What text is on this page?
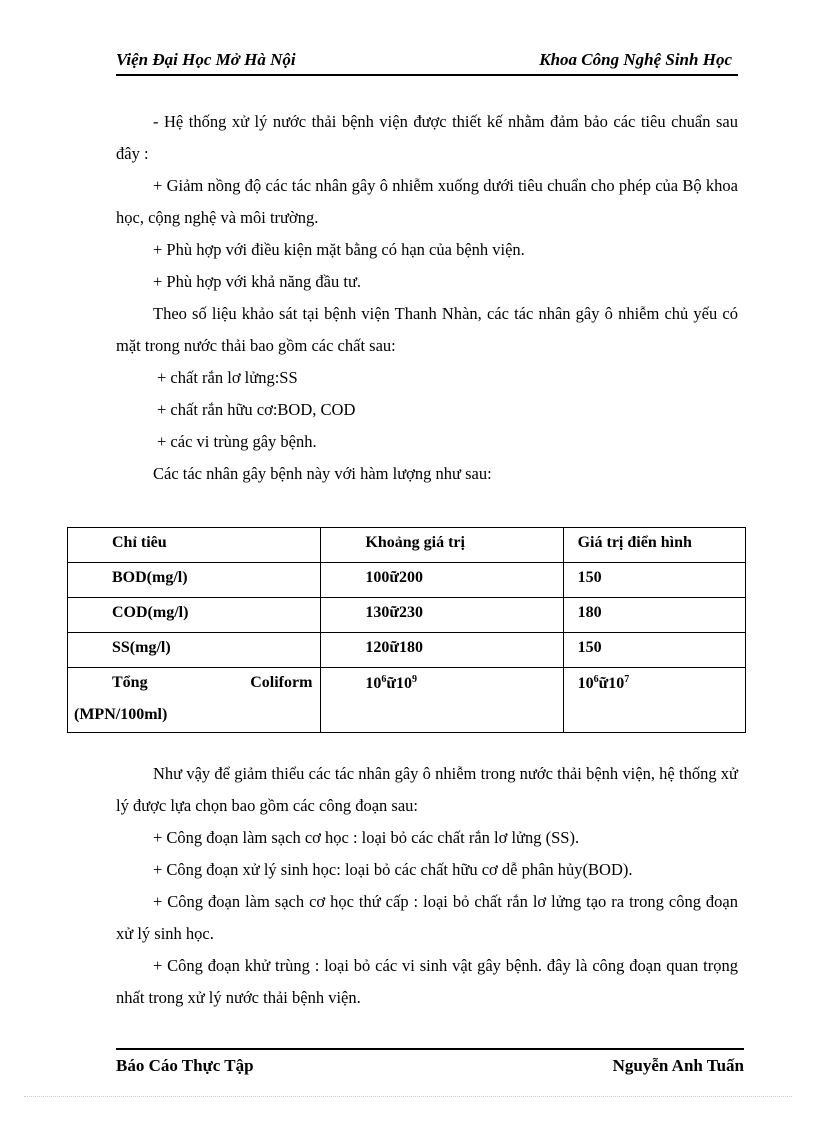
Viện Đại Học Mở Hà Nội	Khoa Công Nghệ Sinh Học

- Hệ thống xử lý nước thải bệnh viện được thiết kế nhằm đảm bảo các tiêu chuẩn sau đây :

+ Giảm nồng độ các tác nhân gây ô nhiễm xuống dưới tiêu chuẩn cho phép của Bộ khoa học, cộng nghệ và môi trường.

+ Phù hợp với điều kiện mặt bằng có hạn của bệnh viện.

+ Phù hợp với khả năng đầu tư.

Theo số liệu khảo sát tại bệnh viện Thanh Nhàn, các tác nhân gây ô nhiễm chủ yếu có mặt trong nước thải bao gồm các chất sau:

+ chất rắn lơ lửng:SS

+ chất rắn hữu cơ:BOD, COD

+ các vi trùng gây bệnh.

Các tác nhân gây bệnh này với hàm lượng như sau:

Chỉ tiêu	Khoảng giá trị	Giá trị điển hình

BOD(mg/l)	100ữ200	150

COD(mg/l)	130ữ230	180

SS(mg/l)	120ữ180	150

Tổng Coliform
(MPN/100ml)	$10^6ữ10^9$	$10^6ữ10^7$

Như vậy để giảm thiểu các tác nhân gây ô nhiễm trong nước thải bệnh viện, hệ thống xử lý được lựa chọn bao gồm các công đoạn sau:

+ Công đoạn làm sạch cơ học : loại bỏ các chất rắn lơ lửng (SS).

+ Công đoạn xử lý sinh học: loại bỏ các chất hữu cơ dễ phân hủy(BOD).

+ Công đoạn làm sạch cơ học thứ cấp : loại bỏ chất rắn lơ lửng tạo ra trong công đoạn xử lý sinh học.

+ Công đoạn khử trùng : loại bỏ các vi sinh vật gây bệnh. đây là công đoạn quan trọng nhất trong xử lý nước thải bệnh viện.

Báo Cáo Thực Tập	Nguyễn Anh Tuấn
